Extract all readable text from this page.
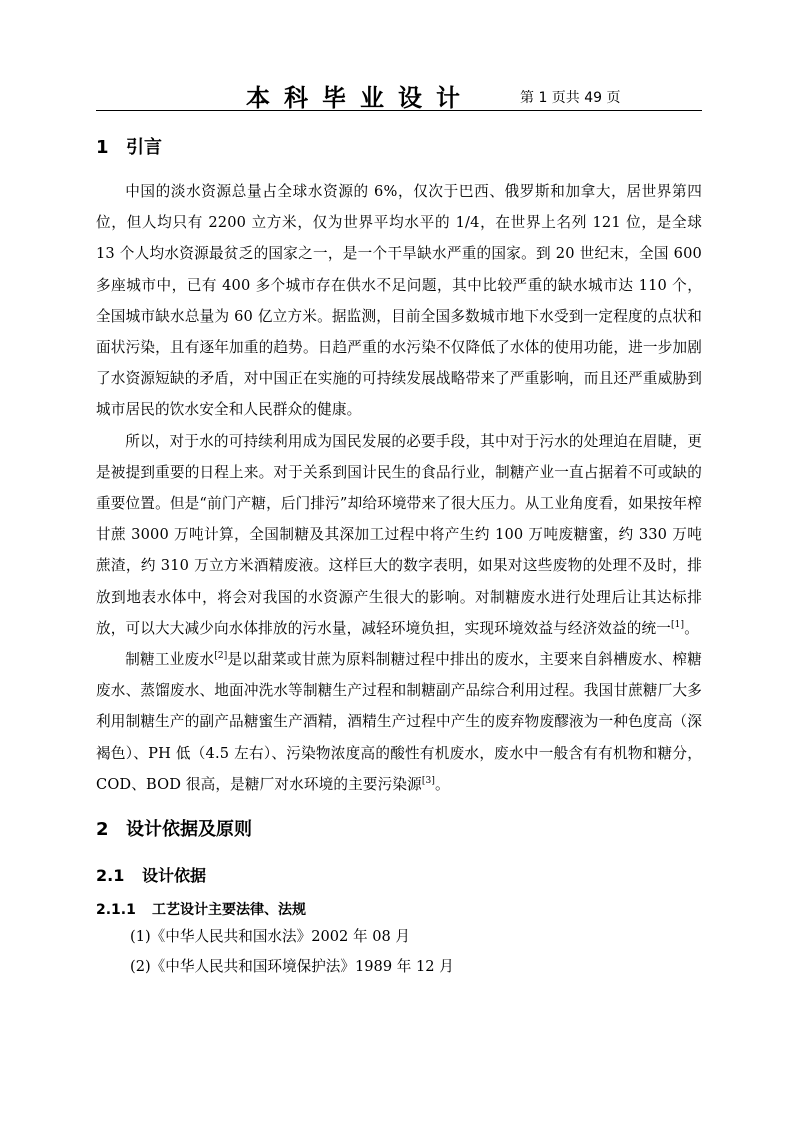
本科毕业设计	第 1 页共 49 页
1 引言

中国的淡水资源总量占全球水资源的 6%，仅次于巴西、俄罗斯和加拿大，居世界第四位，但人均只有 2200 立方米，仅为世界平均水平的 1/4，在世界上名列 121 位，是全球 13 个人均水资源最贫乏的国家之一，是一个干旱缺水严重的国家。到 20 世纪末，全国 600 多座城市中，已有 400 多个城市存在供水不足问题，其中比较严重的缺水城市达 110 个，全国城市缺水总量为 60 亿立方米。据监测，目前全国多数城市地下水受到一定程度的点状和面状污染，且有逐年加重的趋势。日趋严重的水污染不仅降低了水体的使用功能，进一步加剧了水资源短缺的矛盾，对中国正在实施的可持续发展战略带来了严重影响，而且还严重威胁到城市居民的饮水安全和人民群众的健康。

所以，对于水的可持续利用成为国民发展的必要手段，其中对于污水的处理迫在眉睫，更是被提到重要的日程上来。对于关系到国计民生的食品行业，制糖产业一直占据着不可或缺的重要位置。但是“前门产糖，后门排污”却给环境带来了很大压力。从工业角度看，如果按年榨甘蔗 3000 万吨计算，全国制糖及其深加工过程中将产生约 100 万吨废糖蜜，约 330 万吨蔗渣，约 310 万立方米酒精废液。这样巨大的数字表明，如果对这些废物的处理不及时，排放到地表水体中，将会对我国的水资源产生很大的影响。对制糖废水进行处理后让其达标排放，可以大大减少向水体排放的污水量，减轻环境负担，实现环境效益与经济效益的统一[1]。

制糖工业废水[2]是以甜菜或甘蔗为原料制糖过程中排出的废水，主要来自斜槽废水、榨糖废水、蒸馏废水、地面冲洗水等制糖生产过程和制糖副产品综合利用过程。我国甘蔗糖厂大多利用制糖生产的副产品糖蜜生产酒精，酒精生产过程中产生的废弃物废醪液为一种色度高（深褐色）、PH 低（4.5 左右）、污染物浓度高的酸性有机废水，废水中一般含有有机物和糖分，COD、BOD 很高，是糖厂对水环境的主要污染源[3]。

2 设计依据及原则
2.1 设计依据
2.1.1 工艺设计主要法律、法规
(1)《中华人民共和国水法》2002 年 08 月
(2)《中华人民共和国环境保护法》1989 年 12 月
